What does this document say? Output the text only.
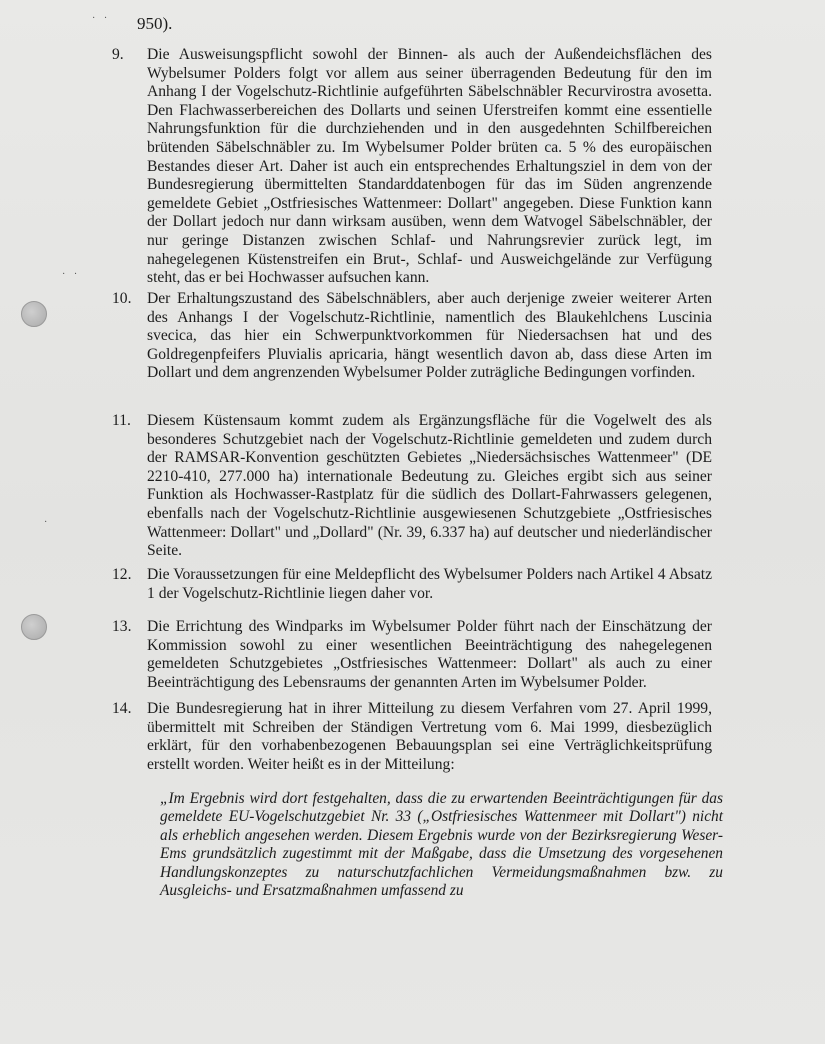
· ·
· ·
·
950).
9.	Die Ausweisungspflicht sowohl der Binnen- als auch der Außendeichsflächen des Wybelsumer Polders folgt vor allem aus seiner überragenden Bedeutung für den im Anhang I der Vogelschutz-Richtlinie aufgeführten Säbelschnäbler Recurvirostra avosetta. Den Flachwasserbereichen des Dollarts und seinen Uferstreifen kommt eine essentielle Nahrungsfunktion für die durchziehenden und in den ausgedehnten Schilfbereichen brütenden Säbelschnäbler zu. Im Wybelsumer Polder brüten ca. 5 % des europäischen Bestandes dieser Art. Daher ist auch ein entsprechendes Erhaltungsziel in dem von der Bundesregierung übermittelten Standarddatenbogen für das im Süden angrenzende gemeldete Gebiet „Ostfriesisches Wattenmeer: Dollart" angegeben. Diese Funktion kann der Dollart jedoch nur dann wirksam ausüben, wenn dem Watvogel Säbelschnäbler, der nur geringe Distanzen zwischen Schlaf- und Nahrungsrevier zurück legt, im nahegelegenen Küstenstreifen ein Brut-, Schlaf- und Ausweichgelände zur Verfügung steht, das er bei Hochwasser aufsuchen kann.
10. Der Erhaltungszustand des Säbelschnäblers, aber auch derjenige zweier weiterer Arten des Anhangs I der Vogelschutz-Richtlinie, namentlich des Blaukehlchens Luscinia svecica, das hier ein Schwerpunktvorkommen für Niedersachsen hat und des Goldregenpfeifers Pluvialis apricaria, hängt wesentlich davon ab, dass diese Arten im Dollart und dem angrenzenden Wybelsumer Polder zuträgliche Bedingungen vorfinden.
11.	Diesem Küstensaum kommt zudem als Ergänzungsfläche für die Vogelwelt des als besonderes Schutzgebiet nach der Vogelschutz-Richtlinie gemeldeten und zudem durch der RAMSAR-Konvention geschützten Gebietes „Niedersächsisches Wattenmeer" (DE 2210-410, 277.000 ha) internationale Bedeutung zu. Gleiches ergibt sich aus seiner Funktion als Hochwasser-Rastplatz für die südlich des Dollart-Fahrwassers gelegenen, ebenfalls nach der Vogelschutz-Richtlinie ausgewiesenen Schutzgebiete „Ostfriesisches Wattenmeer: Dollart" und „Dollard" (Nr. 39, 6.337 ha) auf deutscher und niederländischer Seite.
12. Die Voraussetzungen für eine Meldepflicht des Wybelsumer Polders nach Artikel 4 Absatz 1 der Vogelschutz-Richtlinie liegen daher vor.
13. Die Errichtung des Windparks im Wybelsumer Polder führt nach der Einschätzung der Kommission sowohl zu einer wesentlichen Beeinträchtigung des nahegelegenen gemeldeten Schutzgebietes „Ostfriesisches Wattenmeer: Dollart" als auch zu einer Beeinträchtigung des Lebensraums der genannten Arten im Wybelsumer Polder.
14. Die Bundesregierung hat in ihrer Mitteilung zu diesem Verfahren vom 27. April 1999, übermittelt mit Schreiben der Ständigen Vertretung vom 6. Mai 1999, diesbezüglich erklärt, für den vorhabenbezogenen Bebauungsplan sei eine Verträglichkeitsprüfung erstellt worden. Weiter heißt es in der Mitteilung:
„Im Ergebnis wird dort festgehalten, dass die zu erwartenden Beeinträchtigungen für das gemeldete EU-Vogelschutzgebiet Nr. 33 („Ostfriesisches Wattenmeer mit Dollart") nicht als erheblich angesehen werden. Diesem Ergebnis wurde von der Bezirksregierung Weser-Ems grundsätzlich zugestimmt mit der Maßgabe, dass die Umsetzung des vorgesehenen Handlungskonzeptes zu naturschutzfachlichen Vermeidungsmaßnahmen bzw. zu Ausgleichs- und Ersatzmaßnahmen umfassend zu
